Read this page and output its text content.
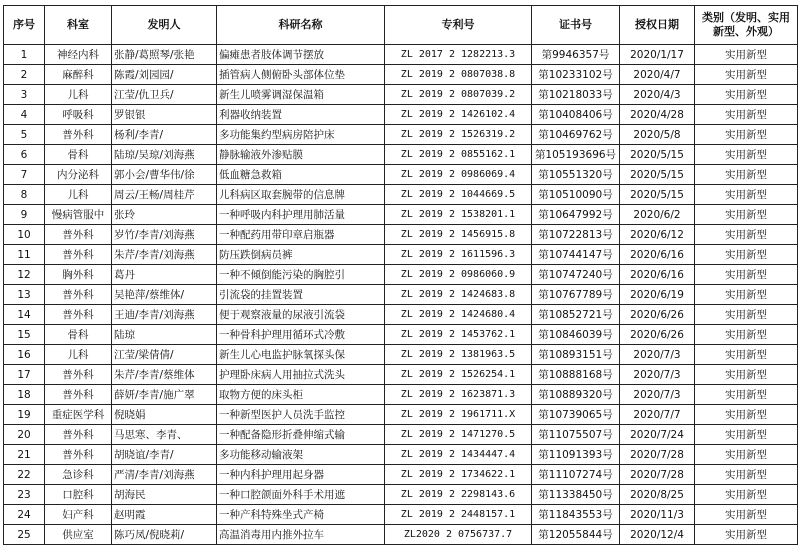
序号	科室	发明人	科研名称	专利号	证书号	授权日期	类别（发明、实用新型、外观）
1	神经内科	张静/葛照琴/张艳	偏瘫患者肢体调节摆放	ZL 2017 2 1282213.3	第9946357号	2020/1/17	实用新型
2	麻醉科	陈霞/刘园园/	插管病人侧俯卧头部体位垫	ZL 2019 2 0807038.8	第10233102号	2020/4/7	实用新型
3	儿科	江莹/仇卫兵/	新生儿喷雾调湿保温箱	ZL 2019 2 0807039.2	第10218033号	2020/4/3	实用新型
4	呼吸科	罗银银	利器收纳装置	ZL 2019 2 1426102.4	第10408406号	2020/4/28	实用新型
5	普外科	杨利/李青/	多功能集约型病房陪护床	ZL 2019 2 1526319.2	第10469762号	2020/5/8	实用新型
6	骨科	陆琼/吴琼/刘海燕	静脉输液外渗贴膜	ZL 2019 2 0855162.1	第105193696号	2020/5/15	实用新型
7	内分泌科	郭小会/曹华伟/徐	低血糖急救箱	ZL 2019 2 0986069.4	第10551320号	2020/5/15	实用新型
8	儿科	周云/王畅/周桂芹	儿科病区取套腕带的信息牌	ZL 2019 2 1044669.5	第10510090号	2020/5/15	实用新型
9	慢病管服中	张玲	一种呼吸内科护理用肺活量	ZL 2019 2 1538201.1	第10647992号	2020/6/2	实用新型
10	普外科	岁竹/李青/刘海燕	一种配药用带印章启瓶器	ZL 2019 2 1456915.8	第10722813号	2020/6/12	实用新型
11	普外科	朱芹/李青/刘海燕	防压跌倒病员裤	ZL 2019 2 1611596.3	第10744147号	2020/6/16	实用新型
12	胸外科	葛丹	一种不倾倒能污染的胸腔引	ZL 2019 2 0986060.9	第10747240号	2020/6/16	实用新型
13	普外科	吴艳萍/蔡维体/	引流袋的挂置装置	ZL 2019 2 1424683.8	第10767789号	2020/6/19	实用新型
14	普外科	王迪/李青/刘海燕	便于观察液量的尿液引流袋	ZL 2019 2 1424680.4	第10852721号	2020/6/26	实用新型
15	骨科	陆琼	一种骨科护理用循环式冷敷	ZL 2019 2 1453762.1	第10846039号	2020/6/26	实用新型
16	儿科	江莹/梁倩倩/	新生儿心电监护脉氧探头保	ZL 2019 2 1381963.5	第10893151号	2020/7/3	实用新型
17	普外科	朱芹/李青/蔡维体	护理卧床病人用抽拉式洗头	ZL 2019 2 1526254.1	第10888168号	2020/7/3	实用新型
18	普外科	薛妍/李青/施广翠	取物方便的床头柜	ZL 2019 2 1623871.3	第10889320号	2020/7/3	实用新型
19	重症医学科	倪晓娟	一种新型医护人员洗手监控	ZL 2019 2 1961711.X	第10739065号	2020/7/7	实用新型
20	普外科	马思寒、李青、	一种配备隐形折叠伸缩式输	ZL 2019 2 1471270.5	第11075507号	2020/7/24	实用新型
21	普外科	胡晓谊/李青/	多功能移动输液架	ZL 2019 2 1434447.4	第11091393号	2020/7/28	实用新型
22	急诊科	严清/李青/刘海燕	一种内科护理用起身器	ZL 2019 2 1734622.1	第11107274号	2020/7/28	实用新型
23	口腔科	胡海民	一种口腔颌面外科手术用遮	ZL 2019 2 2298143.6	第11338450号	2020/8/25	实用新型
24	妇产科	赵明霞	一种产科特殊坐式产椅	ZL 2019 2 2448157.1	第11843553号	2020/11/3	实用新型
25	供应室	陈巧凤/倪晓莉/	高温消毒用内推外拉车	ZL2020 2 0756737.7	第12055844号	2020/12/4	实用新型
